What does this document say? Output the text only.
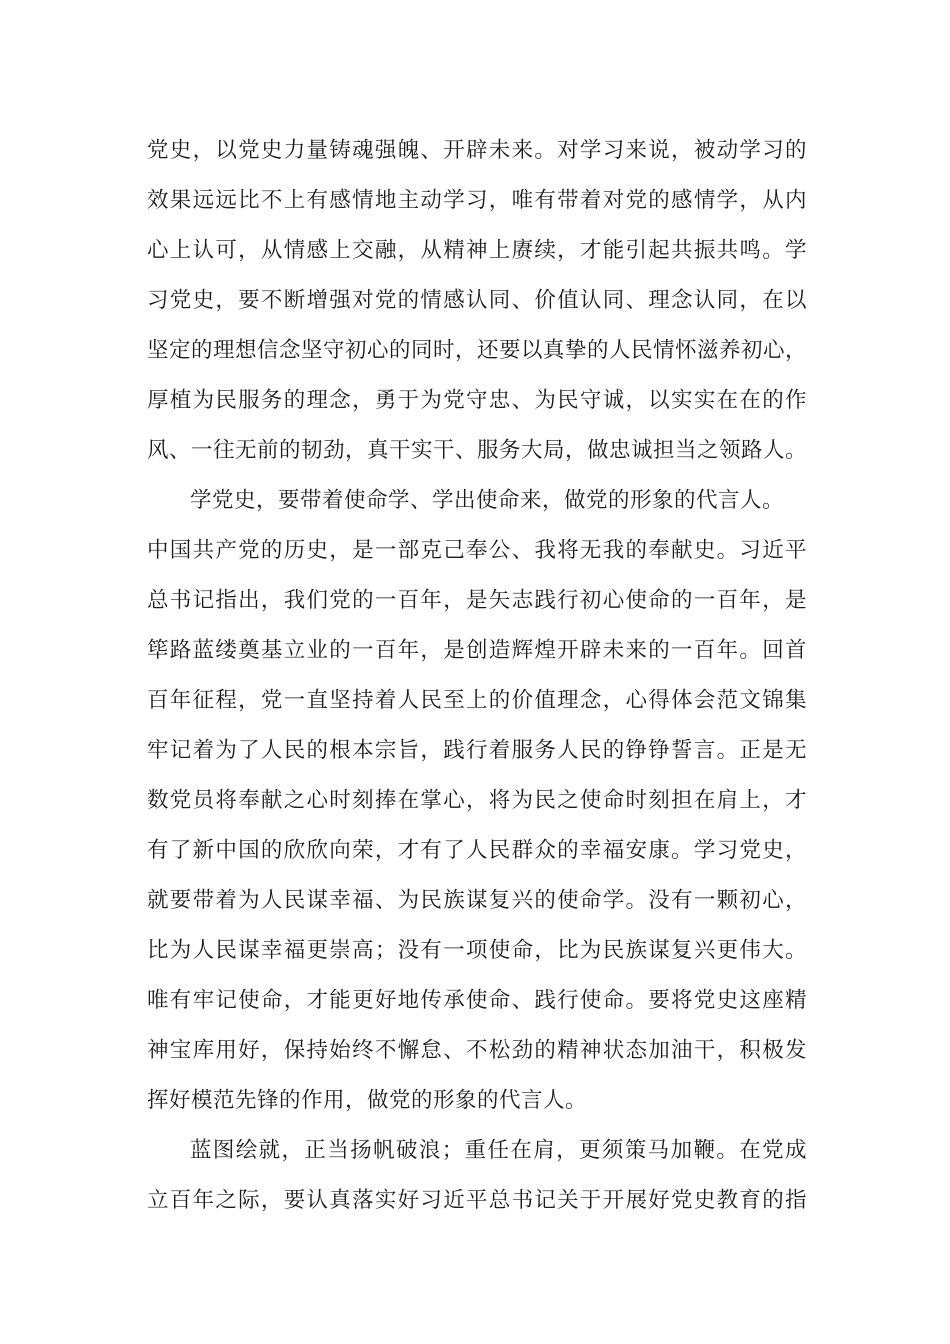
党史，以党史力量铸魂强魄、开辟未来。对学习来说，被动学习的
效果远远比不上有感情地主动学习，唯有带着对党的感情学，从内
心上认可，从情感上交融，从精神上赓续，才能引起共振共鸣。学
习党史，要不断增强对党的情感认同、价值认同、理念认同，在以
坚定的理想信念坚守初心的同时，还要以真挚的人民情怀滋养初心，
厚植为民服务的理念，勇于为党守忠、为民守诚，以实实在在的作
风、一往无前的韧劲，真干实干、服务大局，做忠诚担当之领路人。
学党史，要带着使命学、学出使命来，做党的形象的代言人。
中国共产党的历史，是一部克己奉公、我将无我的奉献史。习近平
总书记指出，我们党的一百年，是矢志践行初心使命的一百年，是
筚路蓝缕奠基立业的一百年，是创造辉煌开辟未来的一百年。回首
百年征程，党一直坚持着人民至上的价值理念，心得体会范文锦集
牢记着为了人民的根本宗旨，践行着服务人民的铮铮誓言。正是无
数党员将奉献之心时刻捧在掌心，将为民之使命时刻担在肩上，才
有了新中国的欣欣向荣，才有了人民群众的幸福安康。学习党史，
就要带着为人民谋幸福、为民族谋复兴的使命学。没有一颗初心，
比为人民谋幸福更崇高；没有一项使命，比为民族谋复兴更伟大。
唯有牢记使命，才能更好地传承使命、践行使命。要将党史这座精
神宝库用好，保持始终不懈怠、不松劲的精神状态加油干，积极发
挥好模范先锋的作用，做党的形象的代言人。
蓝图绘就，正当扬帆破浪；重任在肩，更须策马加鞭。在党成
立百年之际，要认真落实好习近平总书记关于开展好党史教育的指
